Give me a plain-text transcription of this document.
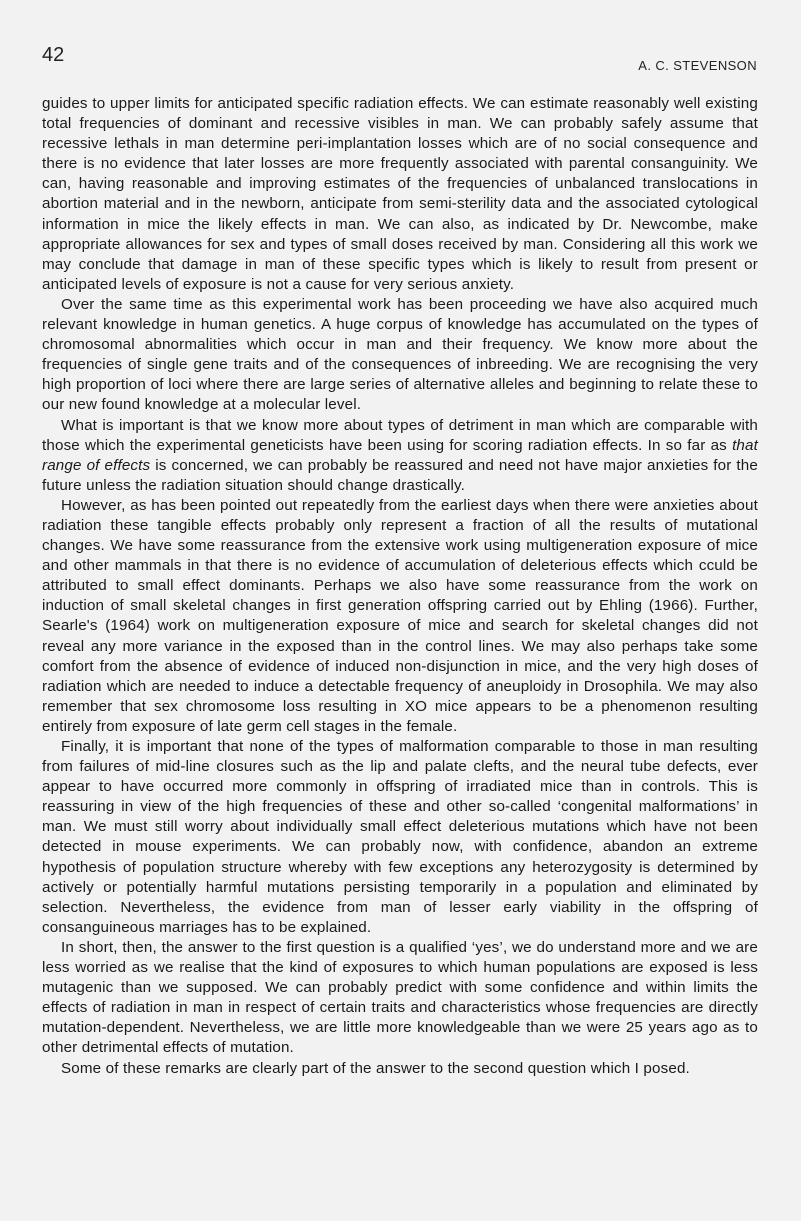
42	A. C. STEVENSON

guides to upper limits for anticipated specific radiation effects. We can estimate reasonably well existing total frequencies of dominant and recessive visibles in man. We can probably safely assume that recessive lethals in man determine peri-implantation losses which are of no social consequence and there is no evidence that later losses are more frequently associated with parental consanguinity. We can, having reasonable and improving estimates of the frequencies of unbalanced translocations in abortion material and in the newborn, anticipate from semi-sterility data and the associated cytological information in mice the likely effects in man. We can also, as indicated by Dr. Newcombe, make appropriate allowances for sex and types of small doses received by man. Considering all this work we may conclude that damage in man of these specific types which is likely to result from present or anticipated levels of exposure is not a cause for very serious anxiety.

Over the same time as this experimental work has been proceeding we have also acquired much relevant knowledge in human genetics. A huge corpus of knowledge has accumulated on the types of chromosomal abnormalities which occur in man and their frequency. We know more about the frequencies of single gene traits and of the consequences of inbreeding. We are recognising the very high proportion of loci where there are large series of alternative alleles and beginning to relate these to our new found knowledge at a molecular level.

What is important is that we know more about types of detriment in man which are comparable with those which the experimental geneticists have been using for scoring radiation effects. In so far as that range of effects is concerned, we can probably be reassured and need not have major anxieties for the future unless the radiation situation should change drastically.

However, as has been pointed out repeatedly from the earliest days when there were anxieties about radiation these tangible effects probably only represent a fraction of all the results of mutational changes. We have some reassurance from the extensive work using multigeneration exposure of mice and other mammals in that there is no evidence of accumulation of deleterious effects which cculd be attributed to small effect dominants. Perhaps we also have some reassurance from the work on induction of small skeletal changes in first generation offspring carried out by Ehling (1966). Further, Searle's (1964) work on multigeneration exposure of mice and search for skeletal changes did not reveal any more variance in the exposed than in the control lines. We may also perhaps take some comfort from the absence of evidence of induced non-disjunction in mice, and the very high doses of radiation which are needed to induce a detectable frequency of aneuploidy in Drosophila. We may also remember that sex chromosome loss resulting in XO mice appears to be a phenomenon resulting entirely from exposure of late germ cell stages in the female.

Finally, it is important that none of the types of malformation comparable to those in man resulting from failures of mid-line closures such as the lip and palate clefts, and the neural tube defects, ever appear to have occurred more commonly in offspring of irradiated mice than in controls. This is reassuring in view of the high frequencies of these and other so-called ‘congenital malformations’ in man. We must still worry about individually small effect deleterious mutations which have not been detected in mouse experiments. We can probably now, with confidence, abandon an extreme hypothesis of population structure whereby with few exceptions any heterozygosity is determined by actively or potentially harmful mutations persisting temporarily in a population and eliminated by selection. Nevertheless, the evidence from man of lesser early viability in the offspring of consanguineous marriages has to be explained.

In short, then, the answer to the first question is a qualified ‘yes’, we do understand more and we are less worried as we realise that the kind of exposures to which human populations are exposed is less mutagenic than we supposed. We can probably predict with some confidence and within limits the effects of radiation in man in respect of certain traits and characteristics whose frequencies are directly mutation-dependent. Nevertheless, we are little more knowledgeable than we were 25 years ago as to other detrimental effects of mutation.

Some of these remarks are clearly part of the answer to the second question which I posed.
